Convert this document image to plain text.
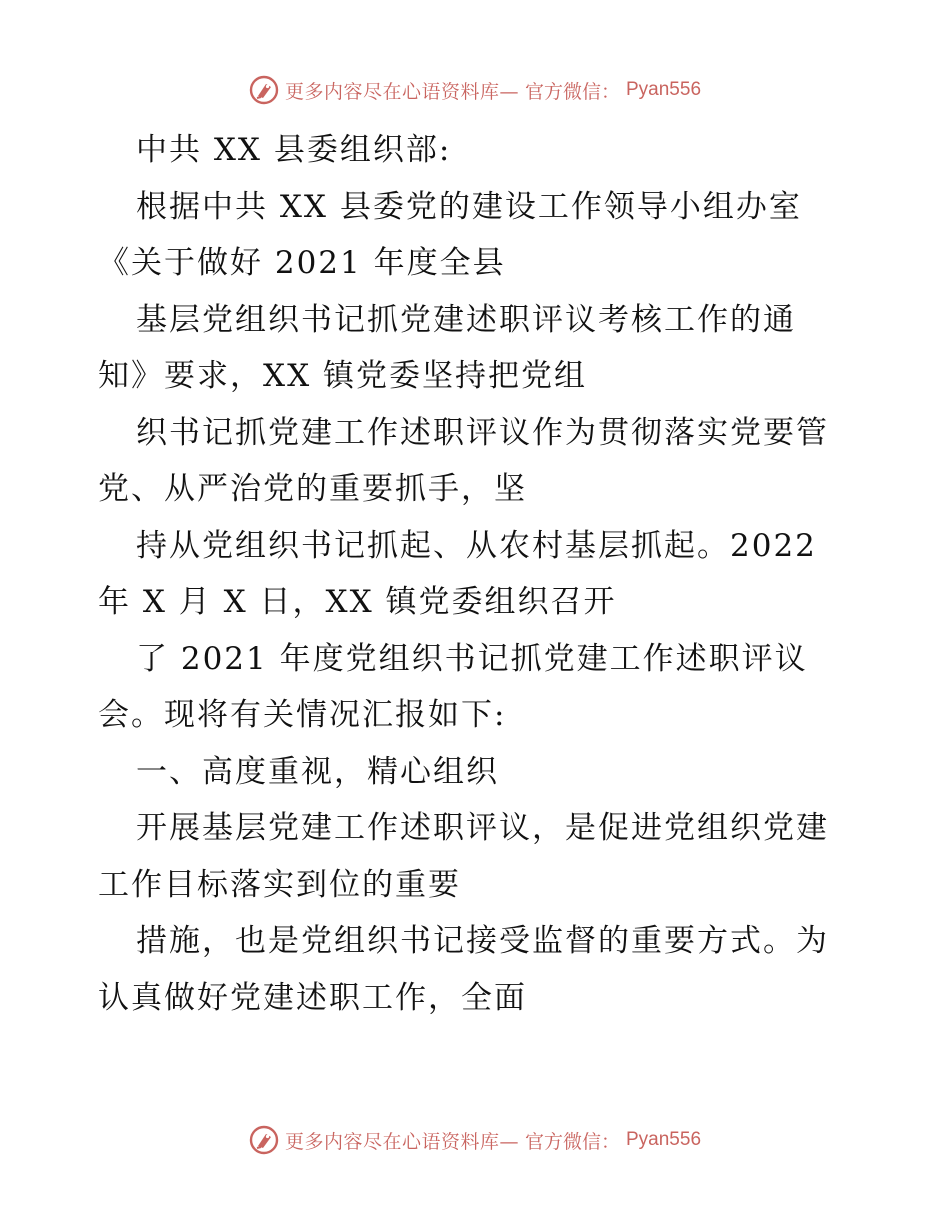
更多内容尽在心语资料库— 官方微信： Pyan556
中共 XX 县委组织部:
根据中共 XX 县委党的建设工作领导小组办室
《关于做好 2021 年度全县
基层党组织书记抓党建述职评议考核工作的通
知》要求，XX 镇党委坚持把党组
织书记抓党建工作述职评议作为贯彻落实党要管
党、从严治党的重要抓手，坚
持从党组织书记抓起、从农村基层抓起。2022
年 X 月 X 日，XX 镇党委组织召开
了 2021 年度党组织书记抓党建工作述职评议
会。现将有关情况汇报如下:
一、高度重视，精心组织
开展基层党建工作述职评议，是促进党组织党建
工作目标落实到位的重要
措施，也是党组织书记接受监督的重要方式。为
认真做好党建述职工作，全面
更多内容尽在心语资料库— 官方微信： Pyan556
